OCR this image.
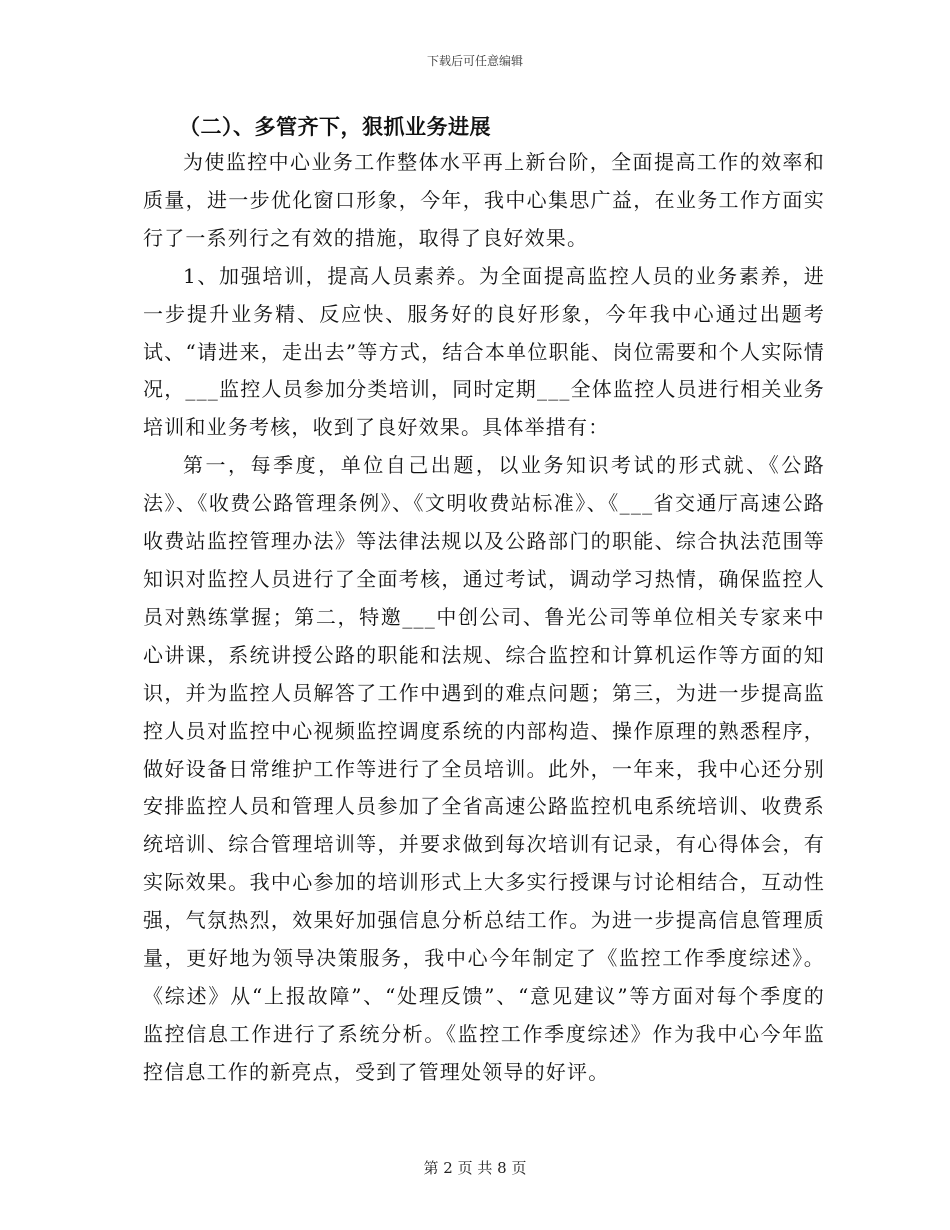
下载后可任意编辑
（二）、多管齐下，狠抓业务进展

为使监控中心业务工作整体水平再上新台阶，全面提高工作的效率和质量，进一步优化窗口形象，今年，我中心集思广益，在业务工作方面实行了一系列行之有效的措施，取得了良好效果。

1、加强培训，提高人员素养。为全面提高监控人员的业务素养，进一步提升业务精、反应快、服务好的良好形象，今年我中心通过出题考试、“请进来，走出去”等方式，结合本单位职能、岗位需要和个人实际情况，___监控人员参加分类培训，同时定期___全体监控人员进行相关业务培训和业务考核，收到了良好效果。具体举措有：

第一，每季度，单位自己出题，以业务知识考试的形式就、《公路法》、《收费公路管理条例》、《文明收费站标准》、《___省交通厅高速公路收费站监控管理办法》等法律法规以及公路部门的职能、综合执法范围等知识对监控人员进行了全面考核，通过考试，调动学习热情，确保监控人员对熟练掌握；第二，特邀___中创公司、鲁光公司等单位相关专家来中心讲课，系统讲授公路的职能和法规、综合监控和计算机运作等方面的知识，并为监控人员解答了工作中遇到的难点问题；第三，为进一步提高监控人员对监控中心视频监控调度系统的内部构造、操作原理的熟悉程序，做好设备日常维护工作等进行了全员培训。此外，一年来，我中心还分别安排监控人员和管理人员参加了全省高速公路监控机电系统培训、收费系统培训、综合管理培训等，并要求做到每次培训有记录，有心得体会，有实际效果。我中心参加的培训形式上大多实行授课与讨论相结合，互动性强，气氛热烈，效果好加强信息分析总结工作。为进一步提高信息管理质量，更好地为领导决策服务，我中心今年制定了《监控工作季度综述》。《综述》从“上报故障”、“处理反馈”、“意见建议”等方面对每个季度的监控信息工作进行了系统分析。《监控工作季度综述》作为我中心今年监控信息工作的新亮点，受到了管理处领导的好评。

第 2 页 共 8 页
